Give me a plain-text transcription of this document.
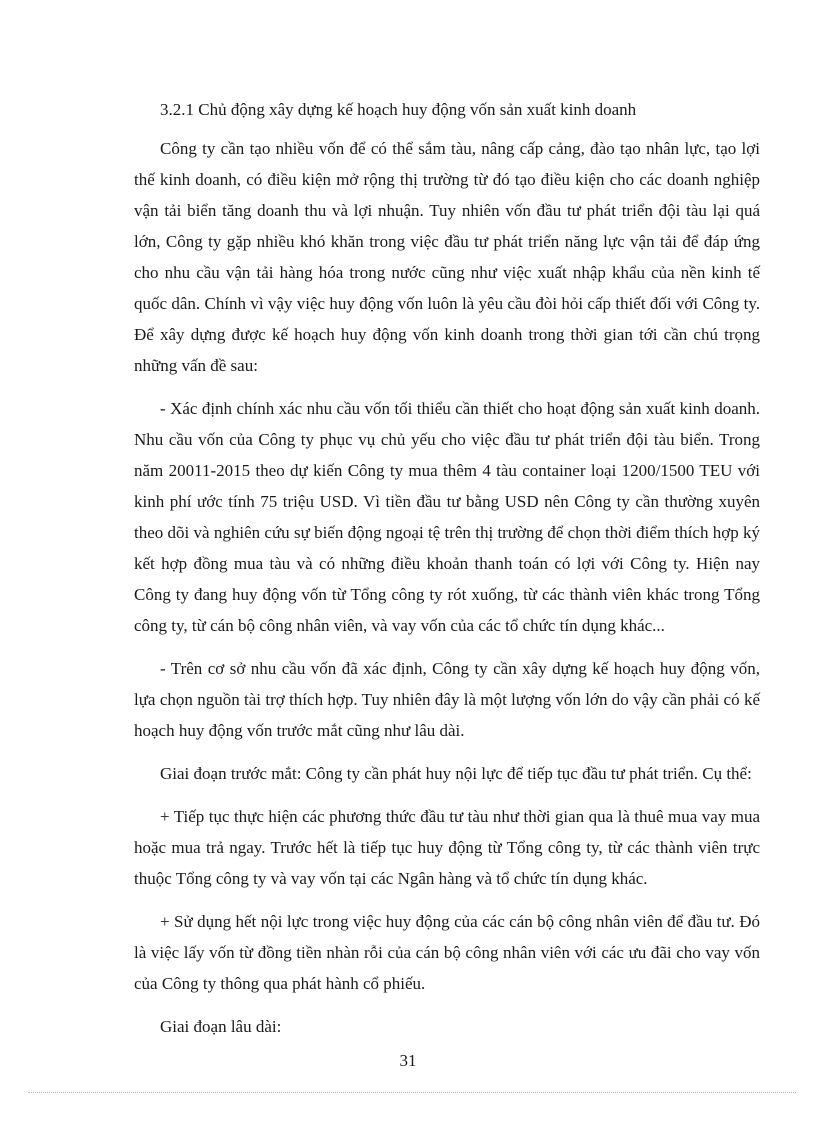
3.2.1 Chủ động xây dựng kế hoạch huy động vốn sản xuất kinh doanh

Công ty cần tạo nhiều vốn để có thể sắm tàu, nâng cấp cảng, đào tạo nhân lực, tạo lợi thế kinh doanh, có điều kiện mở rộng thị trường từ đó tạo điều kiện cho các doanh nghiệp vận tải biển tăng doanh thu và lợi nhuận. Tuy nhiên vốn đầu tư phát triển đội tàu lại quá lớn, Công ty gặp nhiều khó khăn trong việc đầu tư phát triển năng lực vận tải để đáp ứng cho nhu cầu vận tải hàng hóa trong nước cũng như việc xuất nhập khẩu của nền kinh tế quốc dân. Chính vì vậy việc huy động vốn luôn là yêu cầu đòi hỏi cấp thiết đối với Công ty. Để xây dựng được kế hoạch huy động vốn kinh doanh trong thời gian tới cần chú trọng những vấn đề sau:

- Xác định chính xác nhu cầu vốn tối thiểu cần thiết cho hoạt động sản xuất kinh doanh. Nhu cầu vốn của Công ty phục vụ chủ yếu cho việc đầu tư phát triển đội tàu biển. Trong năm 20011-2015 theo dự kiến Công ty mua thêm 4 tàu container loại 1200/1500 TEU với kinh phí ước tính 75 triệu USD. Vì tiền đầu tư bằng USD nên Công ty cần thường xuyên theo dõi và nghiên cứu sự biến động ngoại tệ trên thị trường để chọn thời điểm thích hợp ký kết hợp đồng mua tàu và có những điều khoản thanh toán có lợi với Công ty. Hiện nay Công ty đang huy động vốn từ Tổng công ty rót xuống, từ các thành viên khác trong Tổng công ty, từ cán bộ công nhân viên, và vay vốn của các tổ chức tín dụng khác...

- Trên cơ sở nhu cầu vốn đã xác định, Công ty cần xây dựng kế hoạch huy động vốn, lựa chọn nguồn tài trợ thích hợp. Tuy nhiên đây là một lượng vốn lớn do vậy cần phải có kế hoạch huy động vốn trước mắt cũng như lâu dài.

Giai đoạn trước mắt: Công ty cần phát huy nội lực để tiếp tục đầu tư phát triển. Cụ thể:

+ Tiếp tục thực hiện các phương thức đầu tư tàu như thời gian qua là thuê mua vay mua hoặc mua trả ngay. Trước hết là tiếp tục huy động từ Tổng công ty, từ các thành viên trực thuộc Tổng công ty và vay vốn tại các Ngân hàng và tổ chức tín dụng khác.

+ Sử dụng hết nội lực trong việc huy động của các cán bộ công nhân viên để đầu tư. Đó là việc lấy vốn từ đồng tiền nhàn rỗi của cán bộ công nhân viên với các ưu đãi cho vay vốn của Công ty thông qua phát hành cổ phiếu.

Giai đoạn lâu dài:

31
